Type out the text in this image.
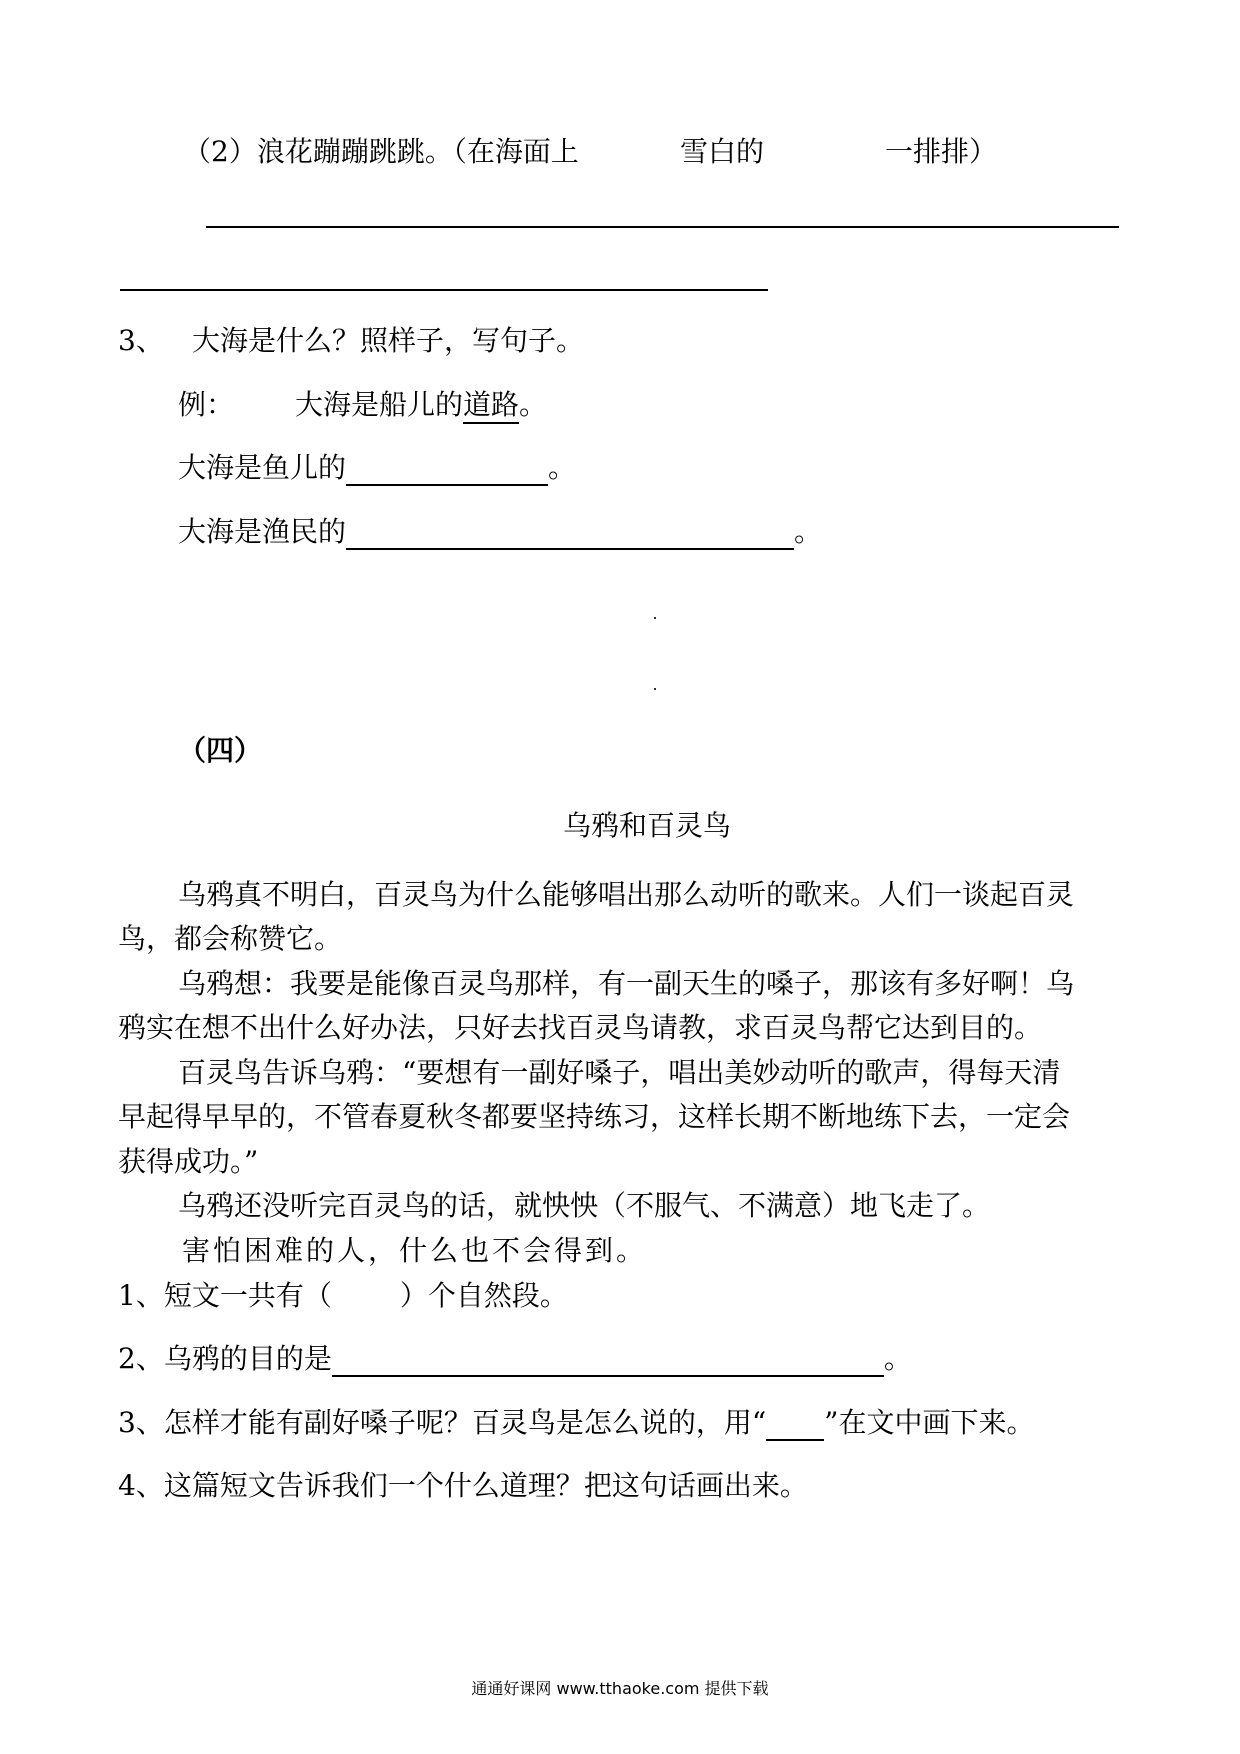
（2）浪花蹦蹦跳跳。（在海面上	雪白的	一排排）
3、 大海是什么？照样子，写句子。
例： 大海是船儿的道路。
大海是鱼儿的	。
大海是渔民的	。
（四）
乌鸦和百灵鸟
乌鸦真不明白，百灵鸟为什么能够唱出那么动听的歌来。人们一谈起百灵
鸟，都会称赞它。
乌鸦想：我要是能像百灵鸟那样，有一副天生的嗓子，那该有多好啊！乌
鸦实在想不出什么好办法，只好去找百灵鸟请教，求百灵鸟帮它达到目的。
百灵鸟告诉乌鸦：“要想有一副好嗓子，唱出美妙动听的歌声，得每天清
早起得早早的，不管春夏秋冬都要坚持练习，这样长期不断地练下去，一定会
获得成功。”
乌鸦还没听完百灵鸟的话，就怏怏（不服气、不满意）地飞走了。
害怕困难的人，什么也不会得到。
1、短文一共有（ ）个自然段。
2、乌鸦的目的是	。
3、怎样才能有副好嗓子呢？百灵鸟是怎么说的，用“ ”在文中画下来。
4、这篇短文告诉我们一个什么道理？把这句话画出来。
通通好课网 www.tthaoke.com 提供下载
